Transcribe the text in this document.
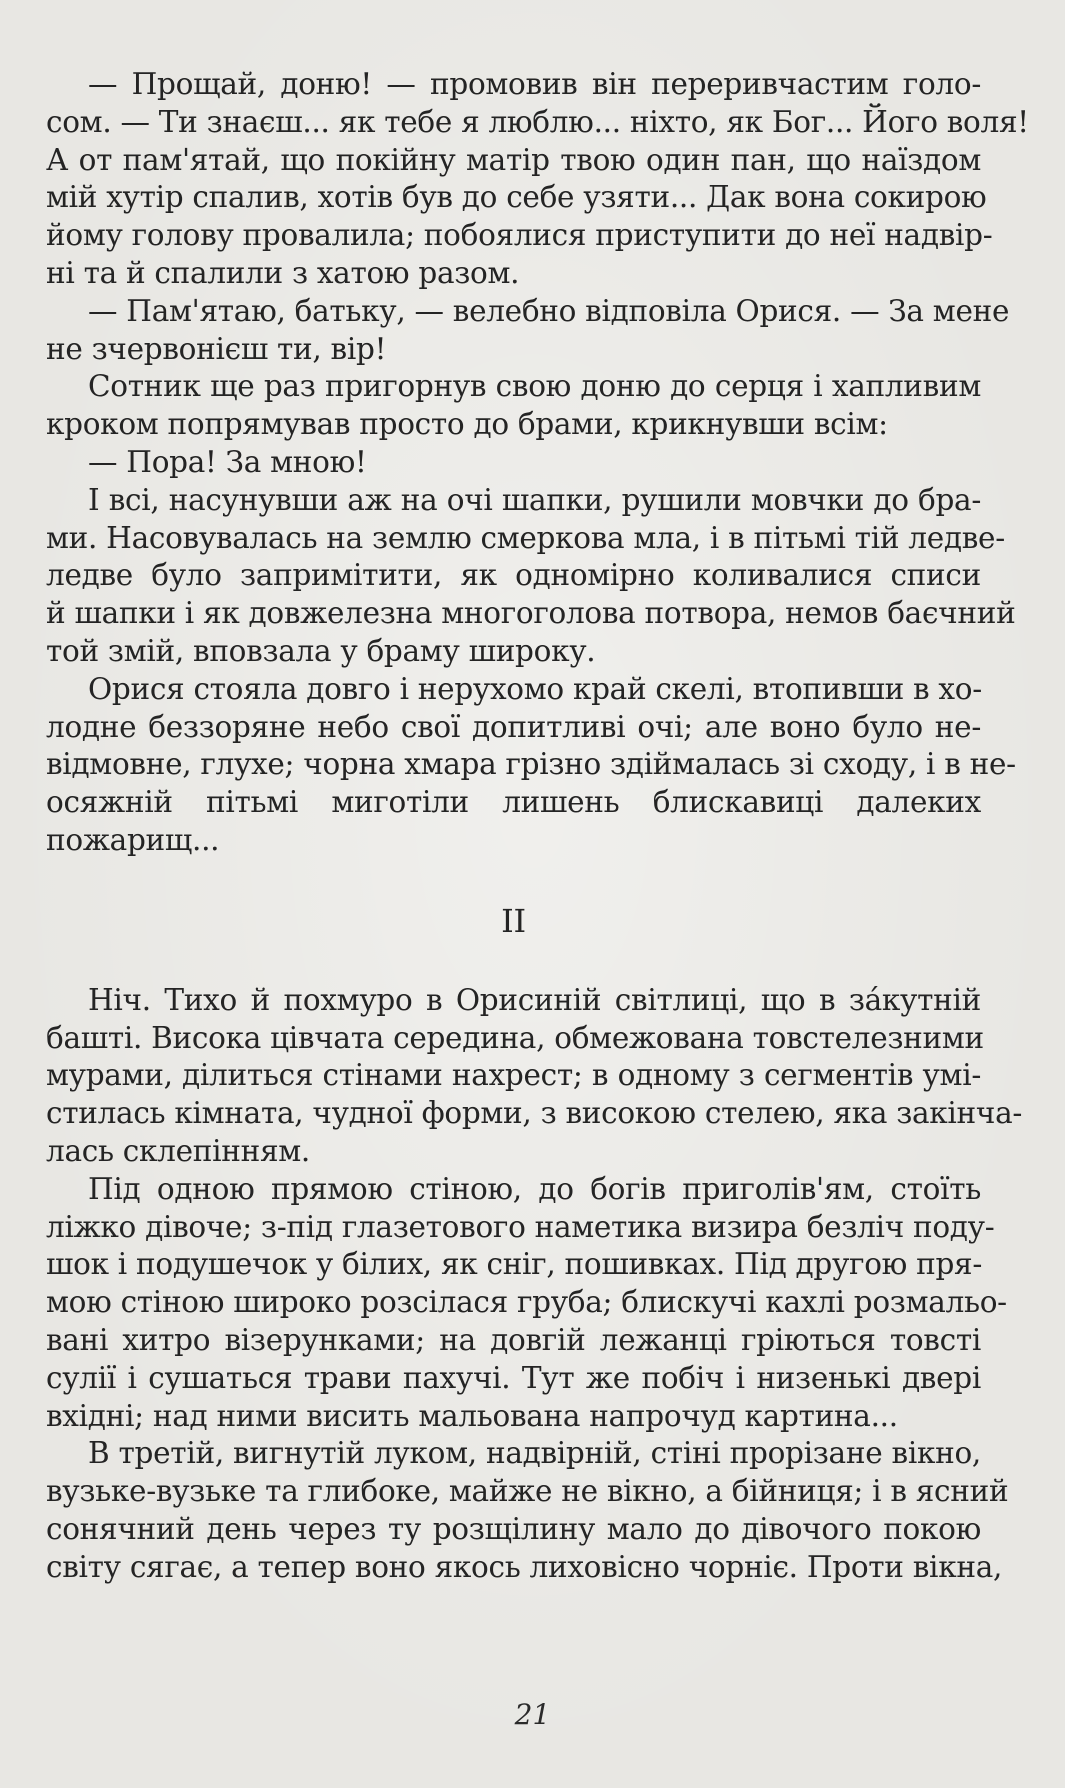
— Прощай, доню! — промовив він переривчастим голо-
сом. — Ти знаєш... як тебе я люблю... ніхто, як Бог... Його воля!
А от пам'ятай, що покійну матір твою один пан, що наїздом
мій хутір спалив, хотів був до себе узяти... Дак вона сокирою
йому голову провалила; побоялися приступити до неї надвір-
ні та й спалили з хатою разом.
— Пам'ятаю, батьку, — велебно відповіла Орися. — За мене
не зчервонієш ти, вір!
Сотник ще раз пригорнув свою доню до серця і хапливим
кроком попрямував просто до брами, крикнувши всім:
— Пора! За мною!
І всі, насунувши аж на очі шапки, рушили мовчки до бра-
ми. Насовувалась на землю смеркова мла, і в пітьмі тій ледве-
ледве було запримітити, як одномірно коливалися списи
й шапки і як довжелезна многоголова потвора, немов баєчний
той змій, вповзала у браму широку.
Орися стояла довго і нерухомо край скелі, втопивши в хо-
лодне беззоряне небо свої допитливі очі; але воно було не-
відмовне, глухе; чорна хмара грізно здіймалась зі сходу, і в не-
осяжній пітьмі миготіли лишень блискавиці далеких
пожарищ...

II

Ніч. Тихо й похмуро в Орисиній світлиці, що в зáкутній
башті. Висока цівчата середина, обмежована товстелезними
мурами, ділиться стінами нахрест; в одному з сегментів умі-
стилась кімната, чудної форми, з високою стелею, яка закінча-
лась склепінням.
Під одною прямою стіною, до богів приголів'ям, стоїть
ліжко дівоче; з-під глазетового наметика визира безліч поду-
шок і подушечок у білих, як сніг, пошивках. Під другою пря-
мою стіною широко розсілася груба; блискучі кахлі розмальо-
вані хитро візерунками; на довгій лежанці гріються товсті
сулії і сушаться трави пахучі. Тут же побіч і низенькі двері
вхідні; над ними висить мальована напрочуд картина...
В третій, вигнутій луком, надвірній, стіні прорізане вікно,
вузьке-вузьке та глибоке, майже не вікно, а бійниця; і в ясний
сонячний день через ту розщілину мало до дівочого покою
світу сягає, а тепер воно якось лиховісно чорніє. Проти вікна,
21
